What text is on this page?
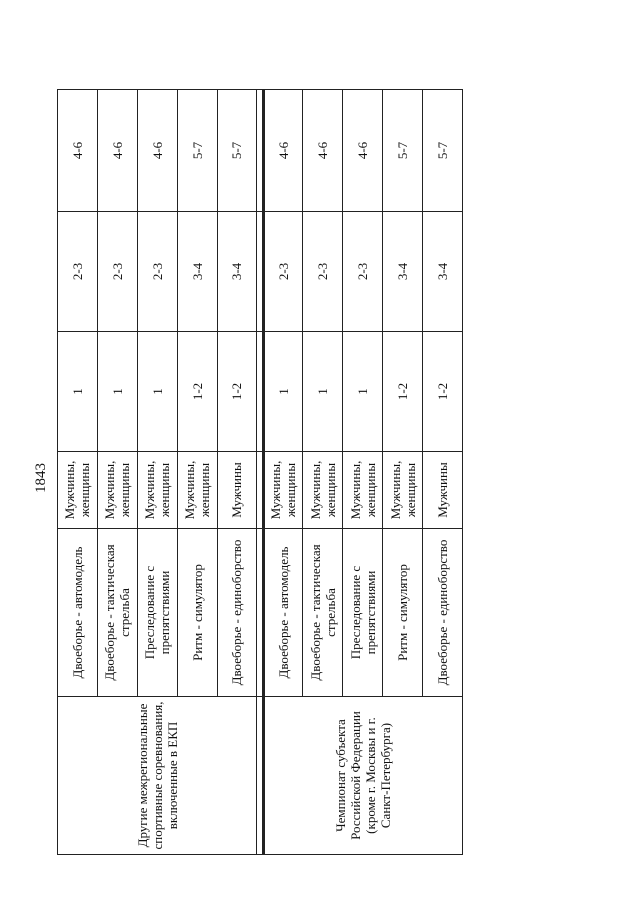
1843
Другие межрегиональные спортивные соревнования, включенные в ЕКП	Двоеборье - автомодель	Мужчины, женщины	1	2-3	4-6
	Двоеборье - тактическая стрельба	Мужчины, женщины	1	2-3	4-6
	Преследование с препятствиями	Мужчины, женщины	1	2-3	4-6
	Ритм - симулятор	Мужчины, женщины	1-2	3-4	5-7
	Двоеборье - единоборство	Мужчины	1-2	3-4	5-7

Чемпионат субъекта Российской Федерации (кроме г. Москвы и г. Санкт-Петербурга)	Двоеборье - автомодель	Мужчины, женщины	1	2-3	4-6
	Двоеборье - тактическая стрельба	Мужчины, женщины	1	2-3	4-6
	Преследование с препятствиями	Мужчины, женщины	1	2-3	4-6
	Ритм - симулятор	Мужчины, женщины	1-2	3-4	5-7
	Двоеборье - единоборство	Мужчины	1-2	3-4	5-7
